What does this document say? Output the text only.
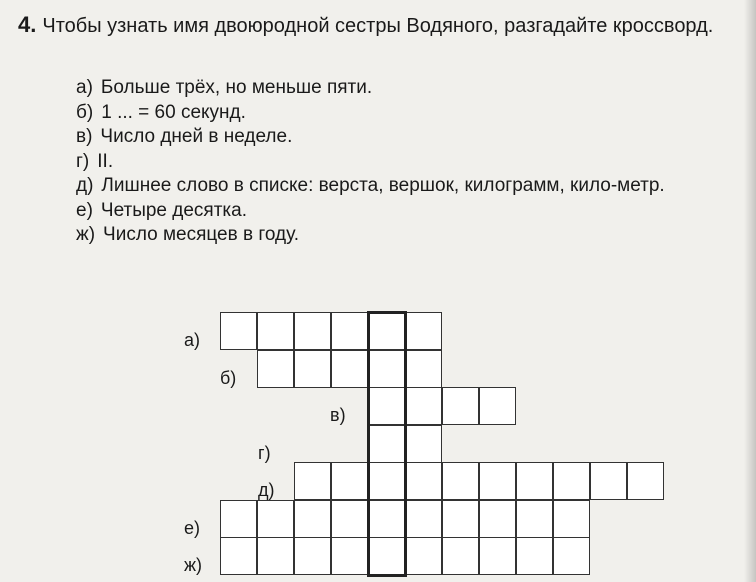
4. Чтобы узнать имя двоюродной сестры Водяного, разгадайте кроссворд.
а) Больше трёх, но меньше пяти.
б) 1 ... = 60 секунд.
в) Число дней в неделе.
г) II.
д) Лишнее слово в списке: верста, вершок, килограмм, кило-метр.
е) Четыре десятка.
ж) Число месяцев в году.
а)
б)
в)
г)
д)
е)
ж)
